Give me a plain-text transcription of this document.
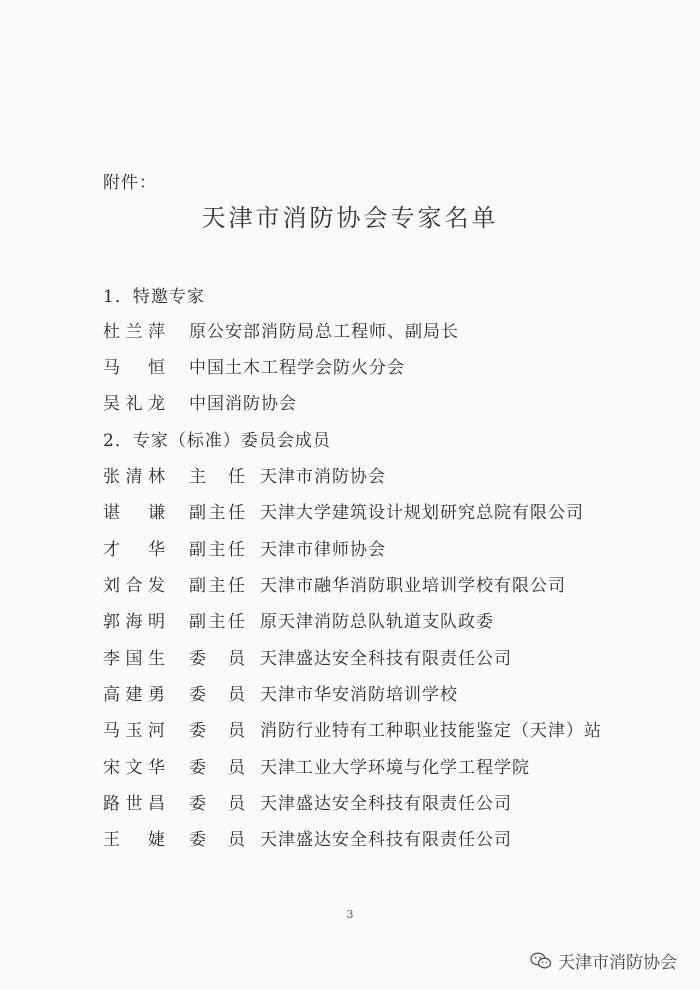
附件：
天津市消防协会专家名单
1．特邀专家
杜兰萍 原公安部消防局总工程师、副局长
马恒 中国土木工程学会防火分会
吴礼龙 中国消防协会
2．专家（标准）委员会成员
张清林 主任 天津市消防协会
谌谦 副主任 天津大学建筑设计规划研究总院有限公司
才华 副主任 天津市律师协会
刘合发 副主任 天津市融华消防职业培训学校有限公司
郭海明 副主任 原天津消防总队轨道支队政委
李国生 委员 天津盛达安全科技有限责任公司
高建勇 委员 天津市华安消防培训学校
马玉河 委员 消防行业特有工种职业技能鉴定（天津）站
宋文华 委员 天津工业大学环境与化学工程学院
路世昌 委员 天津盛达安全科技有限责任公司
王婕 委员 天津盛达安全科技有限责任公司
3
天津市消防协会
